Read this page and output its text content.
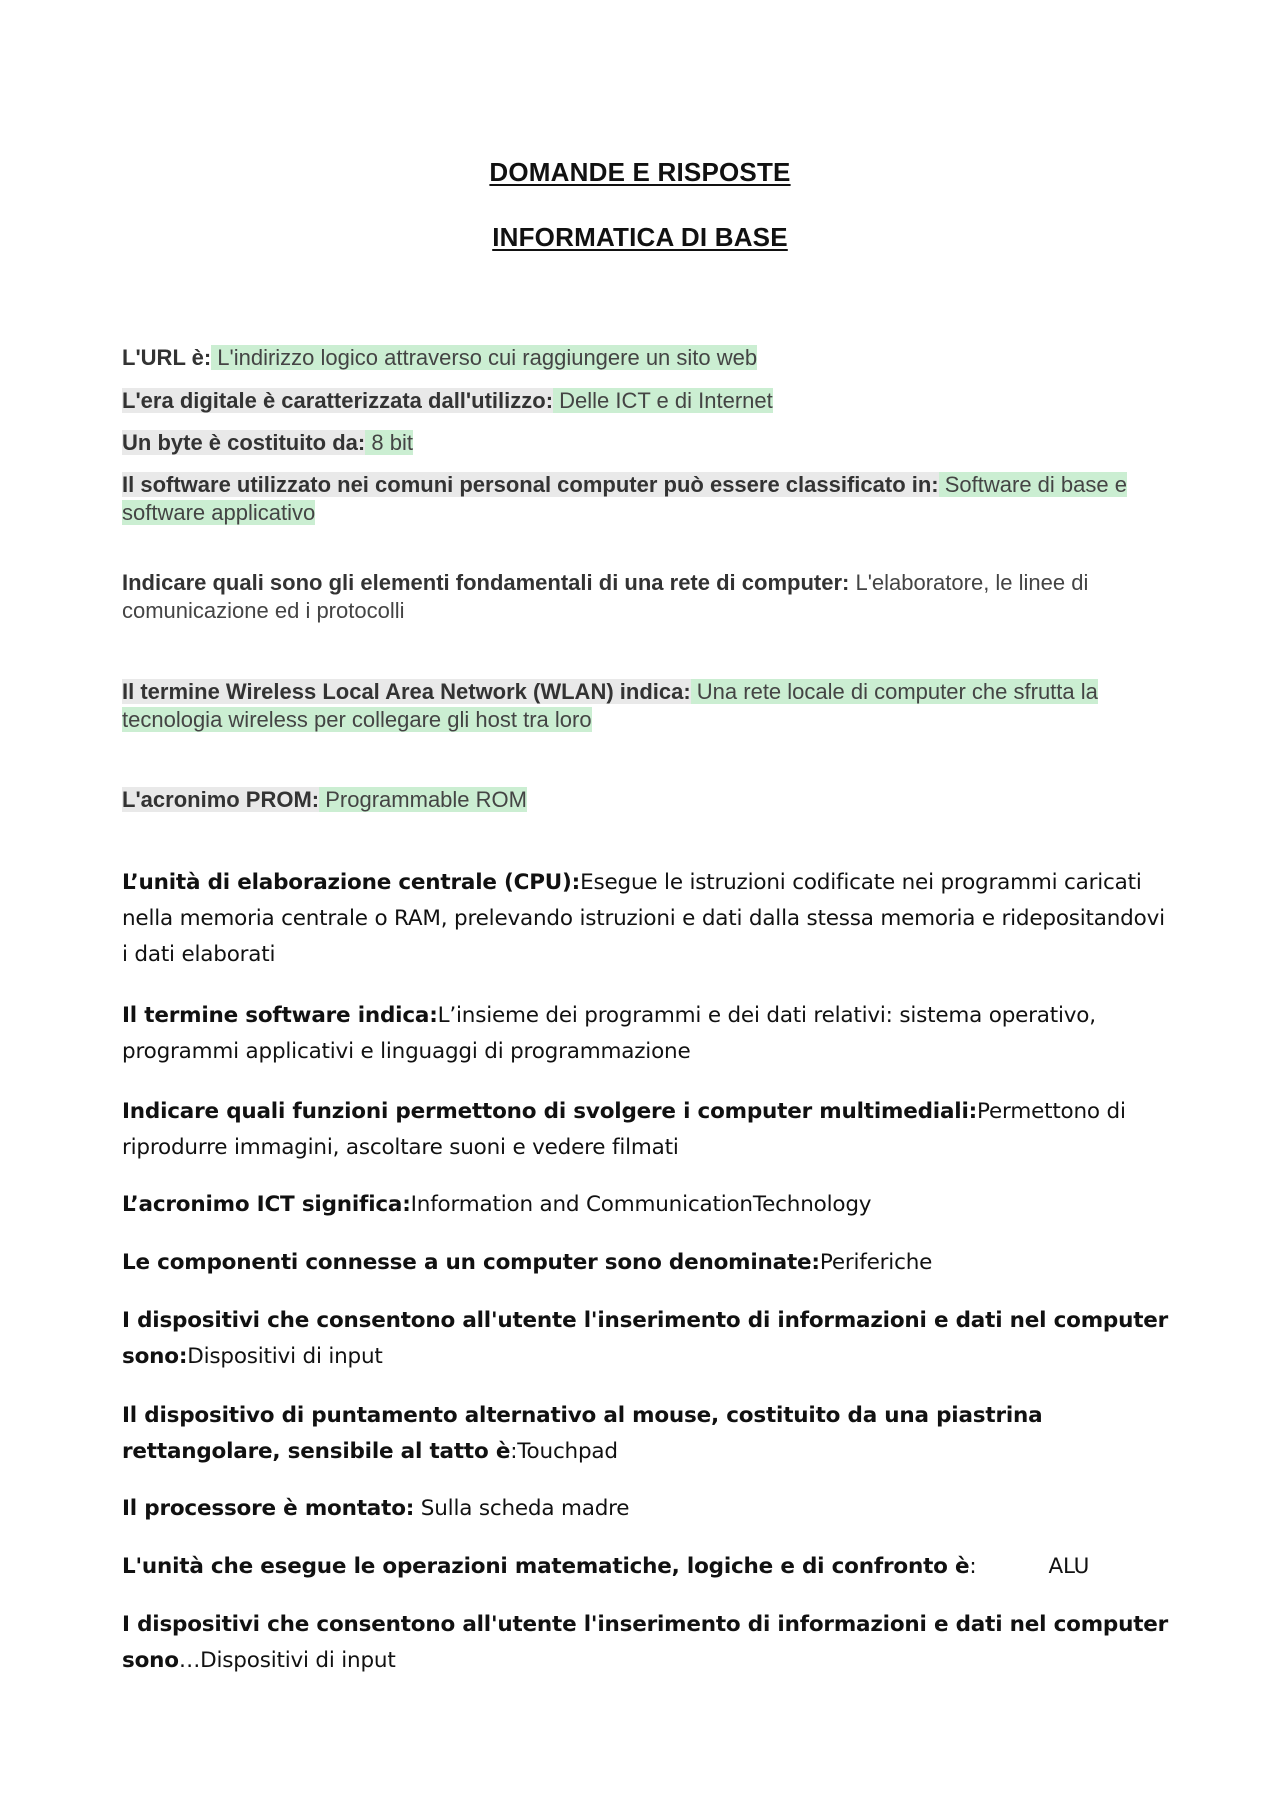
DOMANDE E RISPOSTE
INFORMATICA DI BASE

L'URL è: L'indirizzo logico attraverso cui raggiungere un sito web

L'era digitale è caratterizzata dall'utilizzo: Delle ICT e di Internet

Un byte è costituito da: 8 bit

Il software utilizzato nei comuni personal computer può essere classificato in: Software di base e software applicativo

Indicare quali sono gli elementi fondamentali di una rete di computer: L'elaboratore, le linee di comunicazione ed i protocolli

Il termine Wireless Local Area Network (WLAN) indica: Una rete locale di computer che sfrutta la tecnologia wireless per collegare gli host tra loro

L'acronimo PROM: Programmable ROM

L’unità di elaborazione centrale (CPU):Esegue le istruzioni codificate nei programmi caricati nella memoria centrale o RAM, prelevando istruzioni e dati dalla stessa memoria e ridepositandovi i dati elaborati

Il termine software indica:L’insieme dei programmi e dei dati relativi: sistema operativo, programmi applicativi e linguaggi di programmazione

Indicare quali funzioni permettono di svolgere i computer multimediali:Permettono di riprodurre immagini, ascoltare suoni e vedere filmati

L’acronimo ICT significa:Information and CommunicationTechnology

Le componenti connesse a un computer sono denominate:Periferiche

I dispositivi che consentono all'utente l'inserimento di informazioni e dati nel computer sono:Dispositivi di input

Il dispositivo di puntamento alternativo al mouse, costituito da una piastrina rettangolare, sensibile al tatto è:Touchpad

Il processore è montato: Sulla scheda madre

L'unità che esegue le operazioni matematiche, logiche e di confronto è:	ALU

I dispositivi che consentono all'utente l'inserimento di informazioni e dati nel computer sono…Dispositivi di input
